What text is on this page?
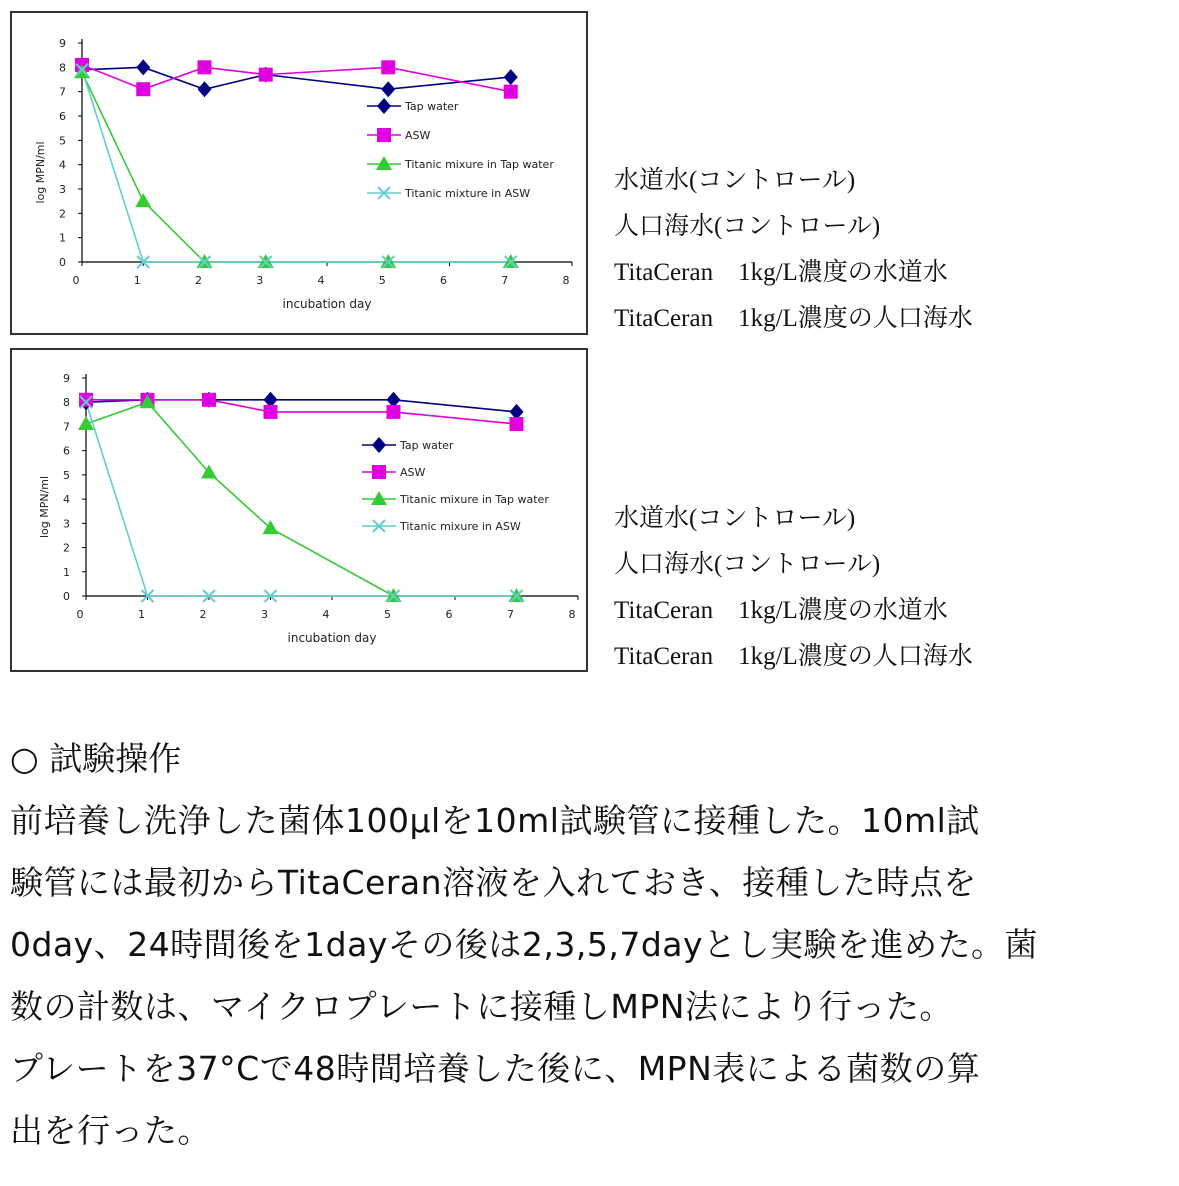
0
1
2
3
4
5
6
7
8
9
0	1	2	3	4	5	6	7	8
incubation day
log MPN/ml
Tap water
ASW
Titanic mixure in Tap water
Titanic mixture in ASW
0
1
2
3
4
5
6
7
8
9
0	1	2	3	4	5	6	7	8
incubation day
log MPN/ml
Tap water
ASW
Titanic mixure in Tap water
Titanic mixure in ASW
水道水(コントロール)
人口海水(コントロール)
TitaCeran　1kg/L濃度の水道水
TitaCeran　1kg/L濃度の人口海水
水道水(コントロール)
人口海水(コントロール)
TitaCeran　1kg/L濃度の水道水
TitaCeran　1kg/L濃度の人口海水
○ 試験操作
前培養し洗浄した菌体100µlを10ml試験管に接種した。10ml試
験管には最初からTitaCeran溶液を入れておき、接種した時点を
0day、24時間後を1dayその後は2,3,5,7dayとし実験を進めた。菌
数の計数は、マイクロプレートに接種しMPN法により行った。
プレートを37°Cで48時間培養した後に、MPN表による菌数の算
出を行った。
